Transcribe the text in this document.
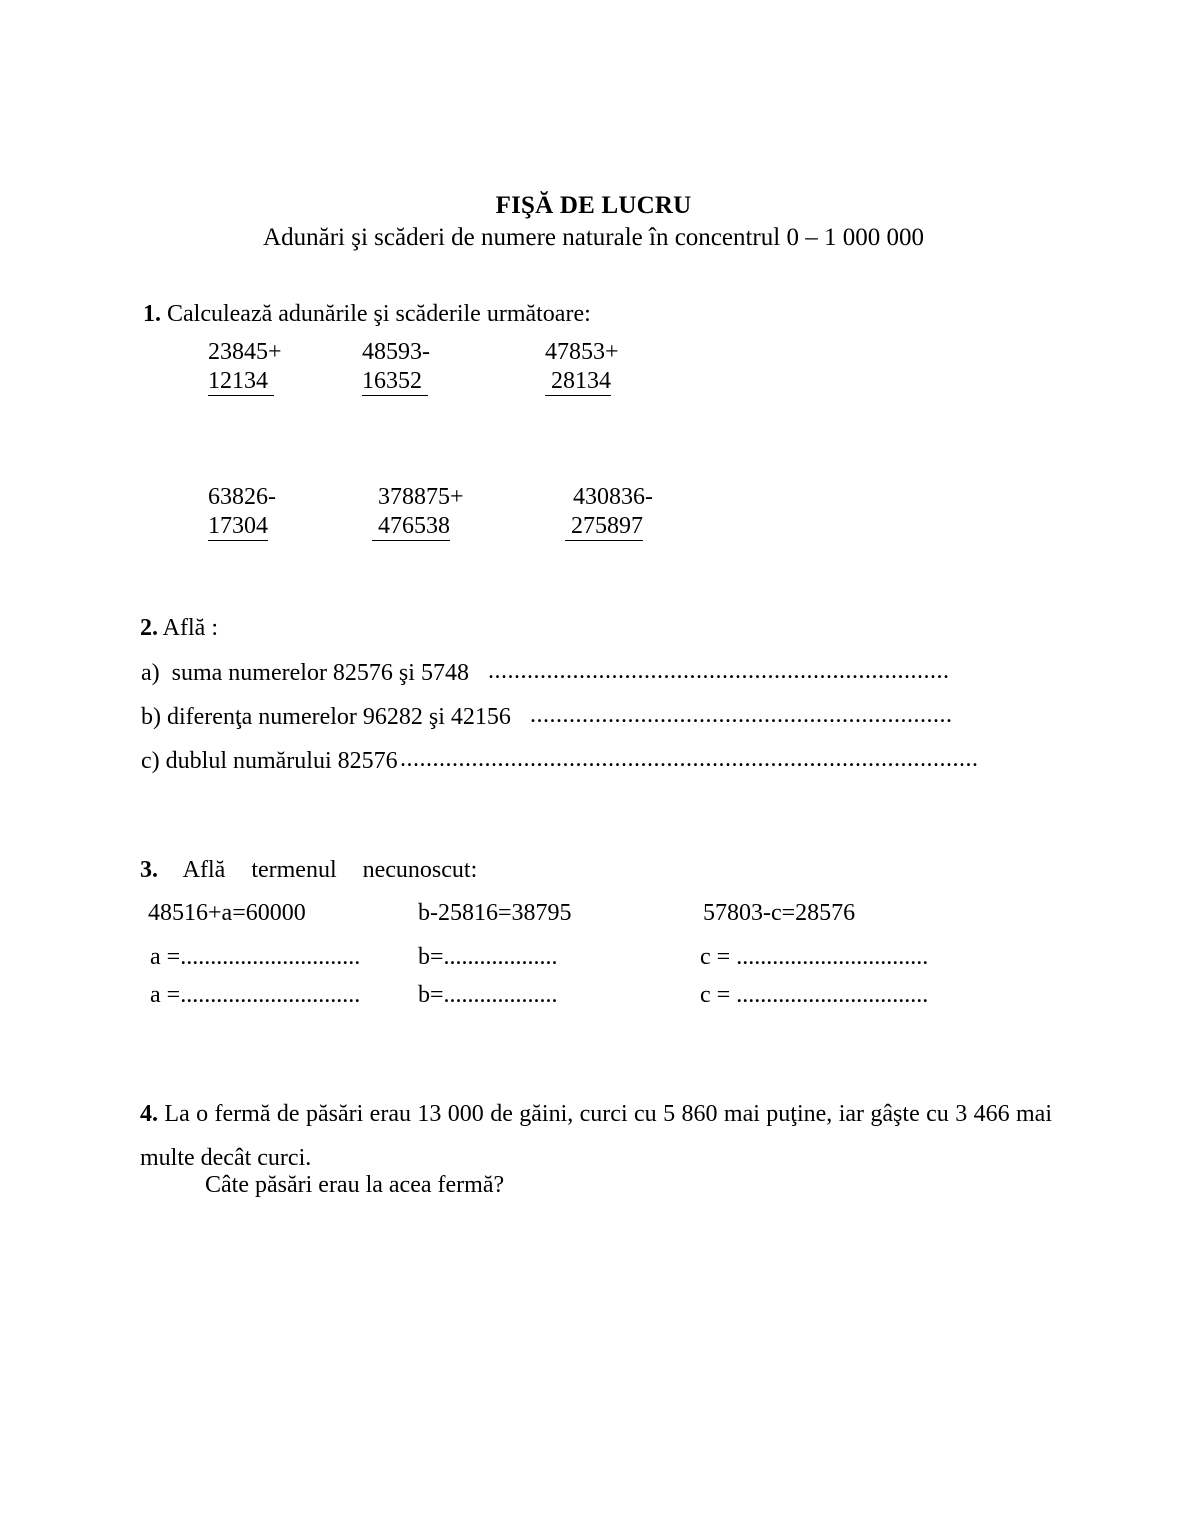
FIŞĂ DE LUCRU
Adunări şi scăderi de numere naturale în concentrul 0 – 1 000 000
1. Calculează adunările şi scăderile următoare:
23845+	48593-	47853+
12134	16352	28134
63826-	378875+	430836-
17304	476538	275897
2. Află :
a)  suma numerelor 82576 şi 5748 .......................................................................
b) diferenţa numerelor 96282 şi 42156 .................................................................
c) dublul numărului 82576 .........................................................................................
3.  Află  termenul  necunoscut:
48516+a=60000	b-25816=38795	57803-c=28576
a =.............................. b=...................	c = ................................
a =.............................. b=...................	c = ................................
4. La o fermă de păsări erau 13 000 de găini, curci cu 5 860 mai puţine, iar gâşte cu 3 466 mai multe decât curci.
Câte păsări erau la acea fermă?
